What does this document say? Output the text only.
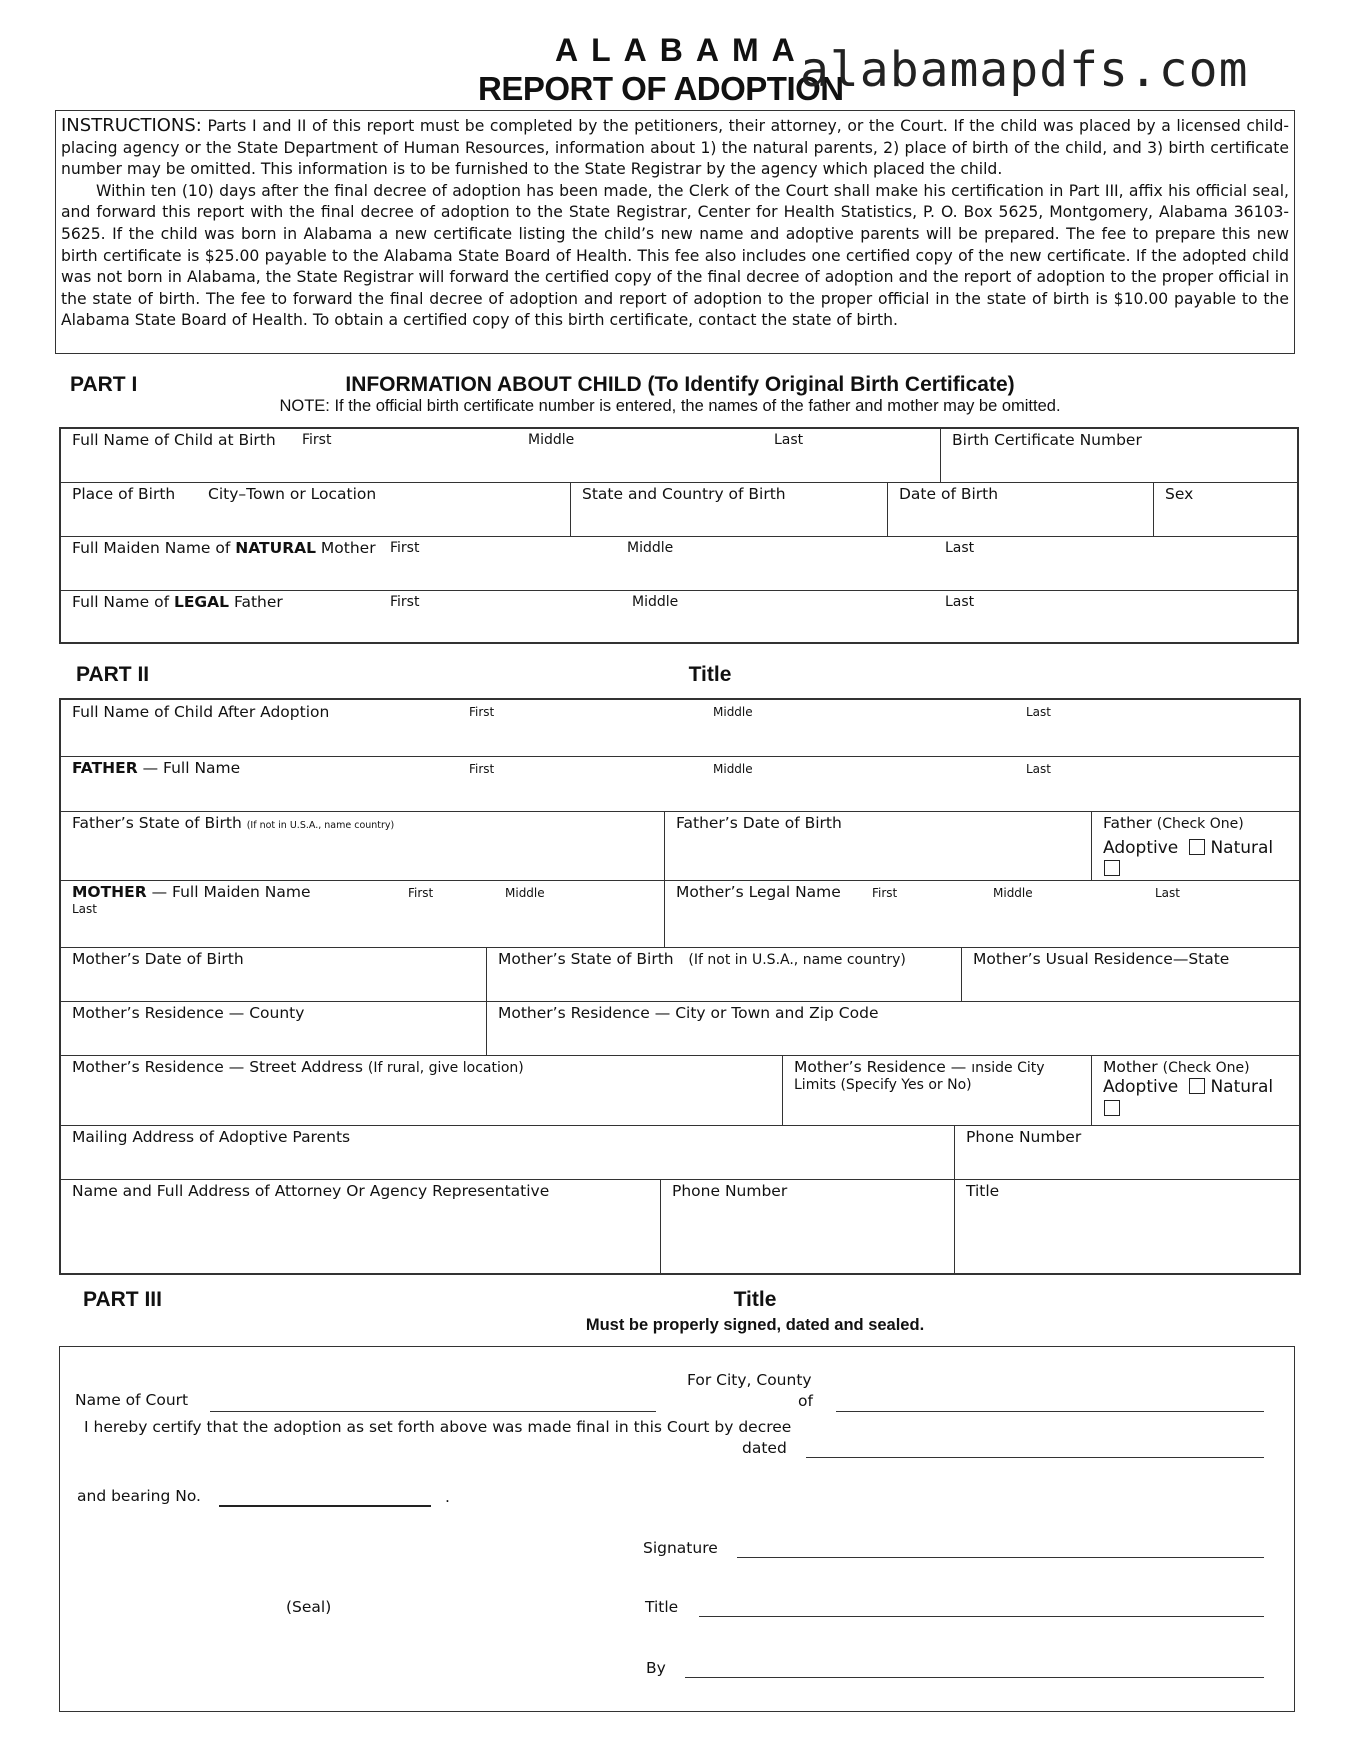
ALABAMA
REPORT OF ADOPTION
alabamapdfs.com

INSTRUCTIONS: Parts I and II of this report must be completed by the petitioners, their attorney, or the Court. If the child was placed by a licensed child-placing agency or the State Department of Human Resources, information about 1) the natural parents, 2) place of birth of the child, and 3) birth certificate number may be omitted. This information is to be furnished to the State Registrar by the agency which placed the child.

Within ten (10) days after the final decree of adoption has been made, the Clerk of the Court shall make his certification in Part III, affix his official seal, and forward this report with the final decree of adoption to the State Registrar, Center for Health Statistics, P. O. Box 5625, Montgomery, Alabama 36103-5625. If the child was born in Alabama a new certificate listing the child’s new name and adoptive parents will be prepared. The fee to prepare this new birth certificate is $25.00 payable to the Alabama State Board of Health. This fee also includes one certified copy of the new certificate. If the adopted child was not born in Alabama, the State Registrar will forward the certified copy of the final decree of adoption and the report of adoption to the proper official in the state of birth. The fee to forward the final decree of adoption and report of adoption to the proper official in the state of birth is $10.00 payable to the Alabama State Board of Health. To obtain a certified copy of this birth certificate, contact the state of birth.

PART I	INFORMATION ABOUT CHILD (To Identify Original Birth Certificate)
NOTE: If the official birth certificate number is entered, the names of the father and mother may be omitted.
Full Name of Child at Birth First	Middle	Last	Birth Certificate Number
Place of Birth City–Town or Location	State and Country of Birth	Date of Birth	Sex
Full Maiden Name of NATURAL Mother First	Middle	Last
Full Name of LEGAL Father	First	Middle	Last
PART II	Title
Full Name of Child After Adoption	First	Middle	Last
FATHER — Full Name	First	Middle	Last
Father’s State of Birth (If not in U.S.A., name country)	Father’s Date of Birth	Father (Check One)
Adoptive Natural
MOTHER — Full Maiden Name	First	Middle
Last
Mother’s Legal Name	First	Middle	Last
Mother’s Date of Birth	Mother’s State of Birth (If not in U.S.A., name country)	Mother’s Usual Residence—State
Mother’s Residence — County	Mother’s Residence — City or Town and Zip Code
Mother’s Residence — Street Address (If rural, give location)	Mother’s Residence — ınside City
Limits (Specify Yes or No)
Mother (Check One)
Adoptive Natural
Mailing Address of Adoptive Parents	Phone Number
Name and Full Address of Attorney Or Agency Representative	Phone Number	Title
PART III	Title
Must be properly signed, dated and sealed.
Name of Court
For City, County
of
I hereby certify that the adoption as set forth above was made final in this Court by decree
dated
and bearing No.	.
Signature
(Seal)	Title
By
